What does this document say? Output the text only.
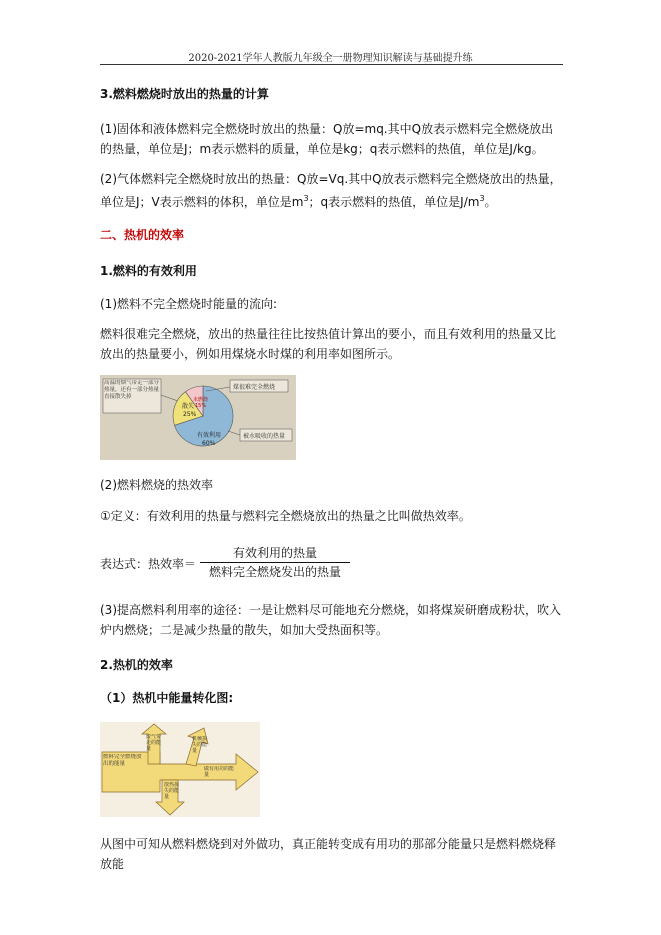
2020-2021学年人教版九年级全一册物理知识解读与基础提升练
3.燃料燃烧时放出的热量的计算
(1)固体和液体燃料完全燃烧时放出的热量：Q放=mq.其中Q放表示燃料完全燃烧放出的热量，单位是J；m表示燃料的质量，单位是kg；q表示燃料的热值，单位是J/kg。
(2)气体燃料完全燃烧时放出的热量：Q放=Vq.其中Q放表示燃料完全燃烧放出的热量，单位是J；V表示燃料的体积，单位是$m^3$；q表示燃料的热值，单位是$J/m^3$。
二、热机的效率
1.燃料的有效利用
(1)燃料不完全燃烧时能量的流向:
燃料很难完全燃烧，放出的热量往往比按热值计算出的要小，而且有效利用的热量又比放出的热量要小，例如用煤烧水时煤的利用率如图所示。
高温的烟气带走一部分热量，还有一部分热量直接散失掉
散失
25%
未燃烧
15%
有效利用
60%
煤很难完全燃烧
被水吸收的热量
(2)燃料燃烧的热效率
①定义：有效利用的热量与燃料完全燃烧放出的热量之比叫做热效率。
表达式：热效率＝
有效利用的热量
燃料完全燃烧发出的热量
(3)提高燃料利用率的途径：一是让燃料尽可能地充分燃烧，如将煤炭研磨成粉状，吹入炉内燃烧；二是减少热量的散失，如加大受热面积等。
2.热机的效率
（1）热机中能量转化图:
燃料完全燃烧放出的能量
废气带走的能量
机械损失的能量
做有用功的能量
散热损失的能量
从图中可知从燃料燃烧到对外做功，真正能转变成有用功的那部分能量只是燃料燃烧释放能
